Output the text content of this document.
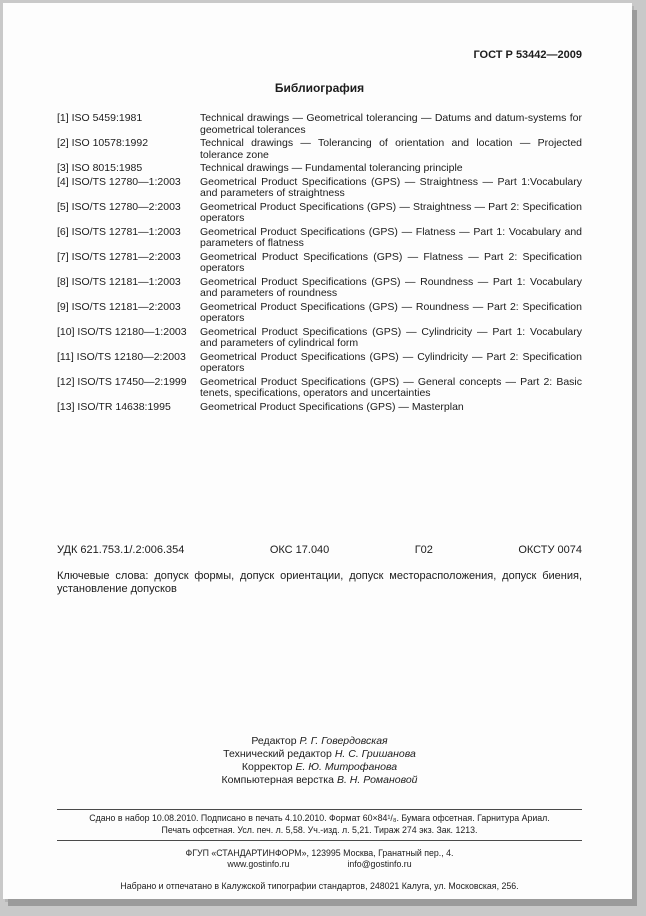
ГОСТ Р 53442—2009
Библиография
[1] ISO 5459:1981	Technical drawings — Geometrical tolerancing — Datums and datum-systems for geometrical tolerances
[2] ISO 10578:1992	Technical drawings — Tolerancing of orientation and location — Projected tolerance zone
[3] ISO 8015:1985	Technical drawings — Fundamental tolerancing principle
[4] ISO/TS 12780—1:2003	Geometrical Product Specifications (GPS) — Straightness — Part 1:Vocabulary and parameters of straightness
[5] ISO/TS 12780—2:2003	Geometrical Product Specifications (GPS) — Straightness — Part 2: Specification operators
[6] ISO/TS 12781—1:2003	Geometrical Product Specifications (GPS) — Flatness — Part 1: Vocabulary and parameters of flatness
[7] ISO/TS 12781—2:2003	Geometrical Product Specifications (GPS) — Flatness — Part 2: Specification operators
[8] ISO/TS 12181—1:2003	Geometrical Product Specifications (GPS) — Roundness — Part 1: Vocabulary and parameters of roundness
[9] ISO/TS 12181—2:2003	Geometrical Product Specifications (GPS) — Roundness — Part 2: Specification operators
[10] ISO/TS 12180—1:2003	Geometrical Product Specifications (GPS) — Cylindricity — Part 1: Vocabulary and parameters of cylindrical form
[11] ISO/TS 12180—2:2003	Geometrical Product Specifications (GPS) — Cylindricity — Part 2: Specification operators
[12] ISO/TS 17450—2:1999	Geometrical Product Specifications (GPS) — General concepts — Part 2: Basic tenets, specifications, operators and uncertainties
[13] ISO/TR 14638:1995	Geometrical Product Specifications (GPS) — Masterplan
УДК 621.753.1/.2:006.354	ОКС 17.040	Г02	ОКСТУ 0074

Ключевые слова: допуск формы, допуск ориентации, допуск месторасположения, допуск биения, установление допусков

Редактор Р. Г. Говердовская
Технический редактор Н. С. Гришанова
Корректор Е. Ю. Митрофанова
Компьютерная верстка В. Н. Романовой
Сдано в набор 10.08.2010. Подписано в печать 4.10.2010. Формат 60×84¹/₈. Бумага офсетная. Гарнитура Ариал.
Печать офсетная. Усл. печ. л. 5,58. Уч.-изд. л. 5,21. Тираж 274 экз. Зак. 1213.
ФГУП «СТАНДАРТИНФОРМ», 123995 Москва, Гранатный пер., 4.
www.gostinfo.ru	info@gostinfo.ru
Набрано и отпечатано в Калужской типографии стандартов, 248021 Калуга, ул. Московская, 256.
